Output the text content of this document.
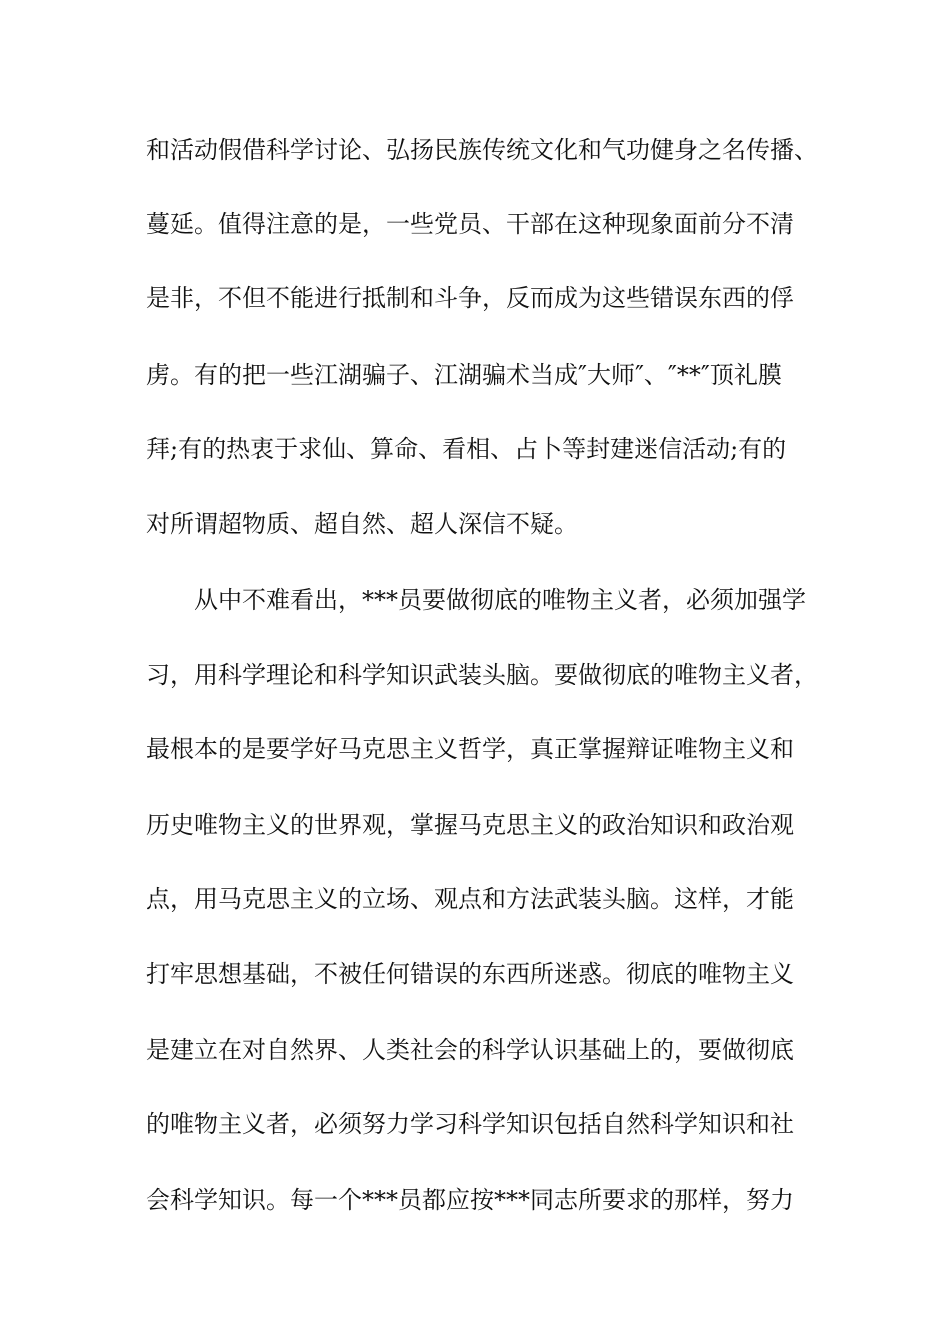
和活动假借科学讨论、弘扬民族传统文化和气功健身之名传播、
蔓延。值得注意的是，一些党员、干部在这种现象面前分不清
是非，不但不能进行抵制和斗争，反而成为这些错误东西的俘
虏。有的把一些江湖骗子、江湖骗术当成″大师″、″**″顶礼膜
拜;有的热衷于求仙、算命、看相、占卜等封建迷信活动;有的
对所谓超物质、超自然、超人深信不疑。
从中不难看出，***员要做彻底的唯物主义者，必须加强学
习，用科学理论和科学知识武装头脑。要做彻底的唯物主义者，
最根本的是要学好马克思主义哲学，真正掌握辩证唯物主义和
历史唯物主义的世界观，掌握马克思主义的政治知识和政治观
点，用马克思主义的立场、观点和方法武装头脑。这样，才能
打牢思想基础，不被任何错误的东西所迷惑。彻底的唯物主义
是建立在对自然界、人类社会的科学认识基础上的，要做彻底
的唯物主义者，必须努力学习科学知识包括自然科学知识和社
会科学知识。每一个***员都应按***同志所要求的那样，努力
